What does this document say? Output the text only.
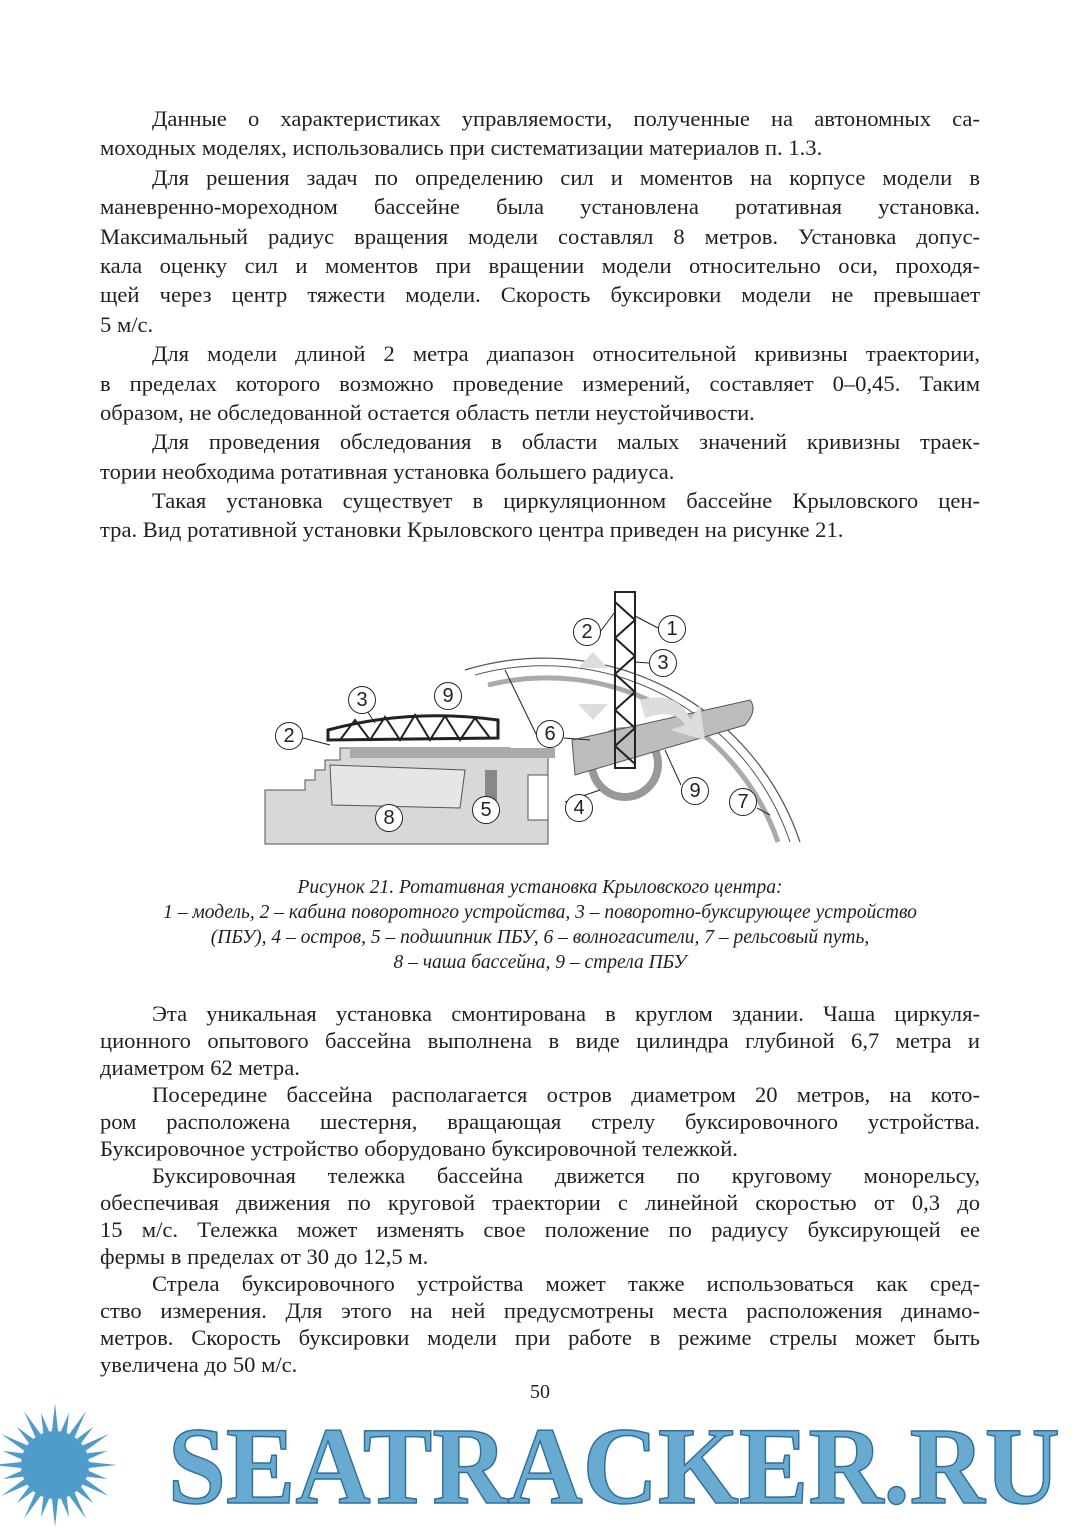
Данные о характеристиках управляемости, полученные на автономных са-
моходных моделях, использовались при систематизации материалов п. 1.3.
Для решения задач по определению сил и моментов на корпусе модели в
маневренно-мореходном бассейне была установлена ротативная установка.
Максимальный радиус вращения модели составлял 8 метров. Установка допус-
кала оценку сил и моментов при вращении модели относительно оси, проходя-
щей через центр тяжести модели. Скорость буксировки модели не превышает
5 м/с.
Для модели длиной 2 метра диапазон относительной кривизны траектории,
в пределах которого возможно проведение измерений, составляет 0–0,45. Таким
образом, не обследованной остается область петли неустойчивости.
Для проведения обследования в области малых значений кривизны траек-
тории необходима ротативная установка большего радиуса.
Такая установка существует в циркуляционном бассейне Крыловского цен-
тра. Вид ротативной установки Крыловского центра приведен на рисунке 21.
1
2
3
3	9
2	6
5
8	4
9	7
Рисунок 21. Ротативная установка Крыловского центра:
1 – модель, 2 – кабина поворотного устройства, 3 – поворотно-буксирующее устройство
(ПБУ), 4 – остров, 5 – подшипник ПБУ, 6 – волногасители, 7 – рельсовый путь,
8 – чаша бассейна, 9 – стрела ПБУ
Эта уникальная установка смонтирована в круглом здании. Чаша циркуля-
ционного опытового бассейна выполнена в виде цилиндра глубиной 6,7 метра и
диаметром 62 метра.
Посередине бассейна располагается остров диаметром 20 метров, на кото-
ром расположена шестерня, вращающая стрелу буксировочного устройства.
Буксировочное устройство оборудовано буксировочной тележкой.
Буксировочная тележка бассейна движется по круговому монорельсу,
обеспечивая движения по круговой траектории с линейной скоростью от 0,3 до
15 м/с. Тележка может изменять свое положение по радиусу буксирующей ее
фермы в пределах от 30 до 12,5 м.
Стрела буксировочного устройства может также использоваться как сред-
ство измерения. Для этого на ней предусмотрены места расположения динамо-
метров. Скорость буксировки модели при работе в режиме стрелы может быть
увеличена до 50 м/с.
50
SEATRACKER.RU
